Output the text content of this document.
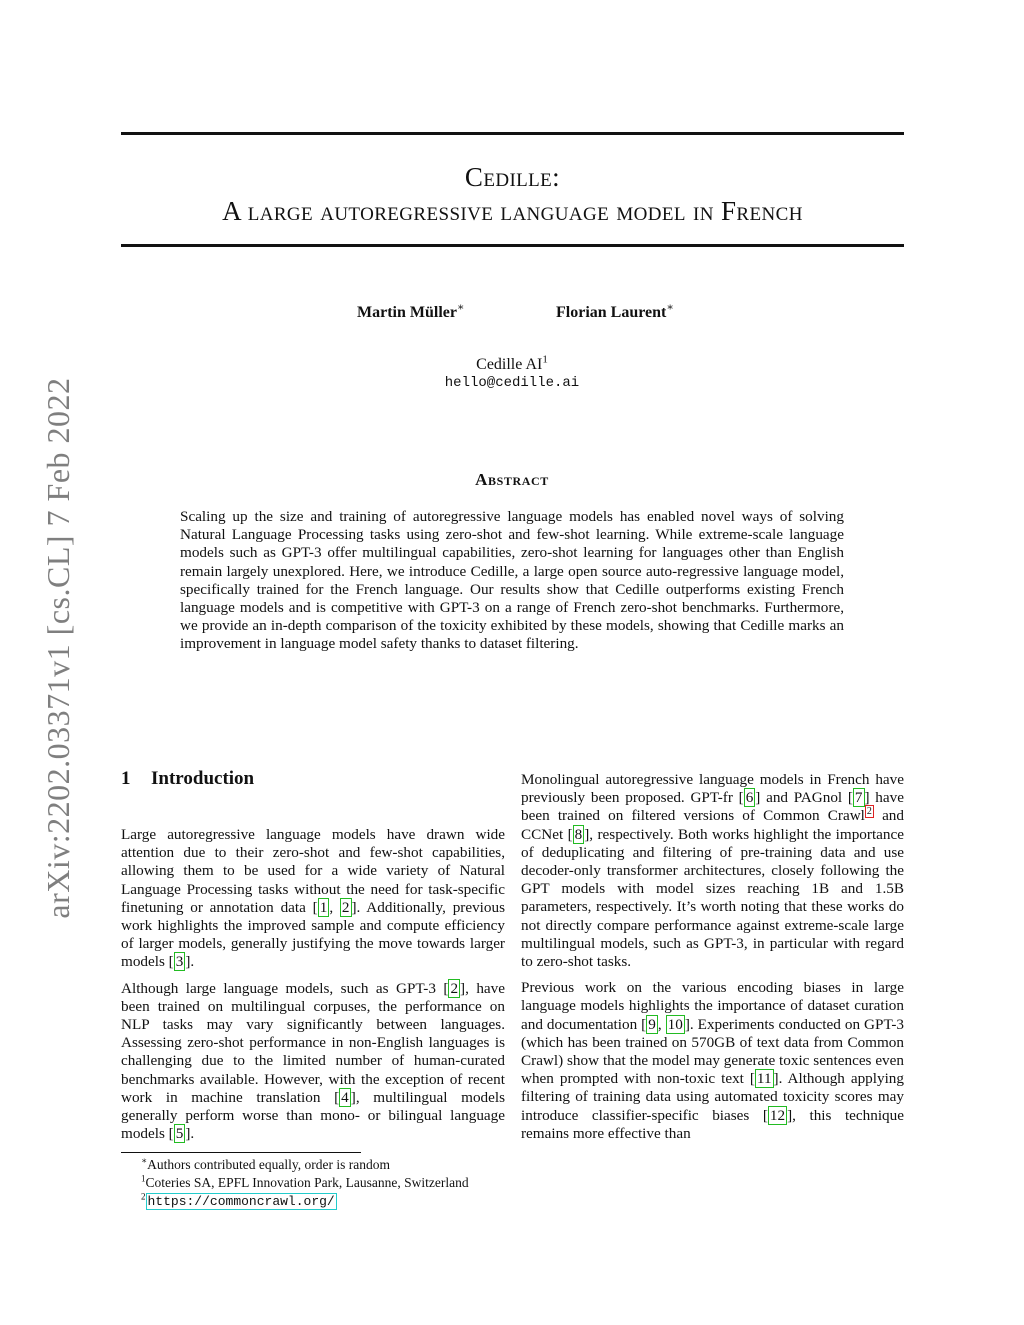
arXiv:2202.03371v1 [cs.CL] 7 Feb 2022
Cedille:
A large autoregressive language model in French
Martin Müller∗	Florian Laurent∗
Cedille $AI^1$
hello@cedille.ai
Abstract

Scaling up the size and training of autoregressive language models has enabled novel ways of solving Natural Language Processing tasks using zero-shot and few-shot learning. While extreme-scale language models such as GPT-3 offer multilingual capabilities, zero-shot learning for languages other than English remain largely unexplored. Here, we introduce Cedille, a large open source auto-regressive language model, specifically trained for the French language. Our results show that Cedille outperforms existing French language models and is competitive with GPT-3 on a range of French zero-shot benchmarks. Furthermore, we provide an in-depth comparison of the toxicity exhibited by these models, showing that Cedille marks an improvement in language model safety thanks to dataset filtering.

1 Introduction

Large autoregressive language models have drawn wide attention due to their zero-shot and few-shot capabilities, allowing them to be used for a wide variety of Natural Language Processing tasks without the need for task-specific finetuning or annotation data [ 1 , 2 ]. Additionally, previous work highlights the improved sample and compute efficiency of larger models, generally justifying the move towards larger models [ 3 ].

Although large language models, such as GPT-3 [ 2 ], have been trained on multilingual corpuses, the performance on NLP tasks may vary significantly between languages. Assessing zero-shot performance in non-English languages is challenging due to the limited number of human-curated benchmarks available. However, with the exception of recent work in machine translation [ 4 ], multilingual models generally perform worse than mono- or bilingual language models [ 5 ].

Monolingual autoregressive language models in French have previously been proposed. GPT-fr [ 6 ] and PAGnol [ 7 ] have been trained on filtered versions of Common Crawl $^2$ and CCNet [ 8 ], respectively. Both works highlight the importance of deduplicating and filtering of pre-training data and use decoder-only transformer architectures, closely following the GPT models with model sizes reaching 1B and 1.5B parameters, respectively. It’s worth noting that these works do not directly compare performance against extreme-scale large multilingual models, such as GPT-3, in particular with regard to zero-shot tasks.

Previous work on the various encoding biases in large language models highlights the importance of dataset curation and documentation [ 9 , 10 ]. Experiments conducted on GPT-3 (which has been trained on 570GB of text data from Common Crawl) show that the model may generate toxic sentences even when prompted with non-toxic text [ 11 ]. Although applying filtering of training data using automated toxicity scores may introduce classifier-specific biases [ 12 ], this technique remains more effective than

∗Authors contributed equally, order is random
$^1$Coteries SA, EPFL Innovation Park, Lausanne, Switzerland
$^2$ https://commoncrawl.org/
